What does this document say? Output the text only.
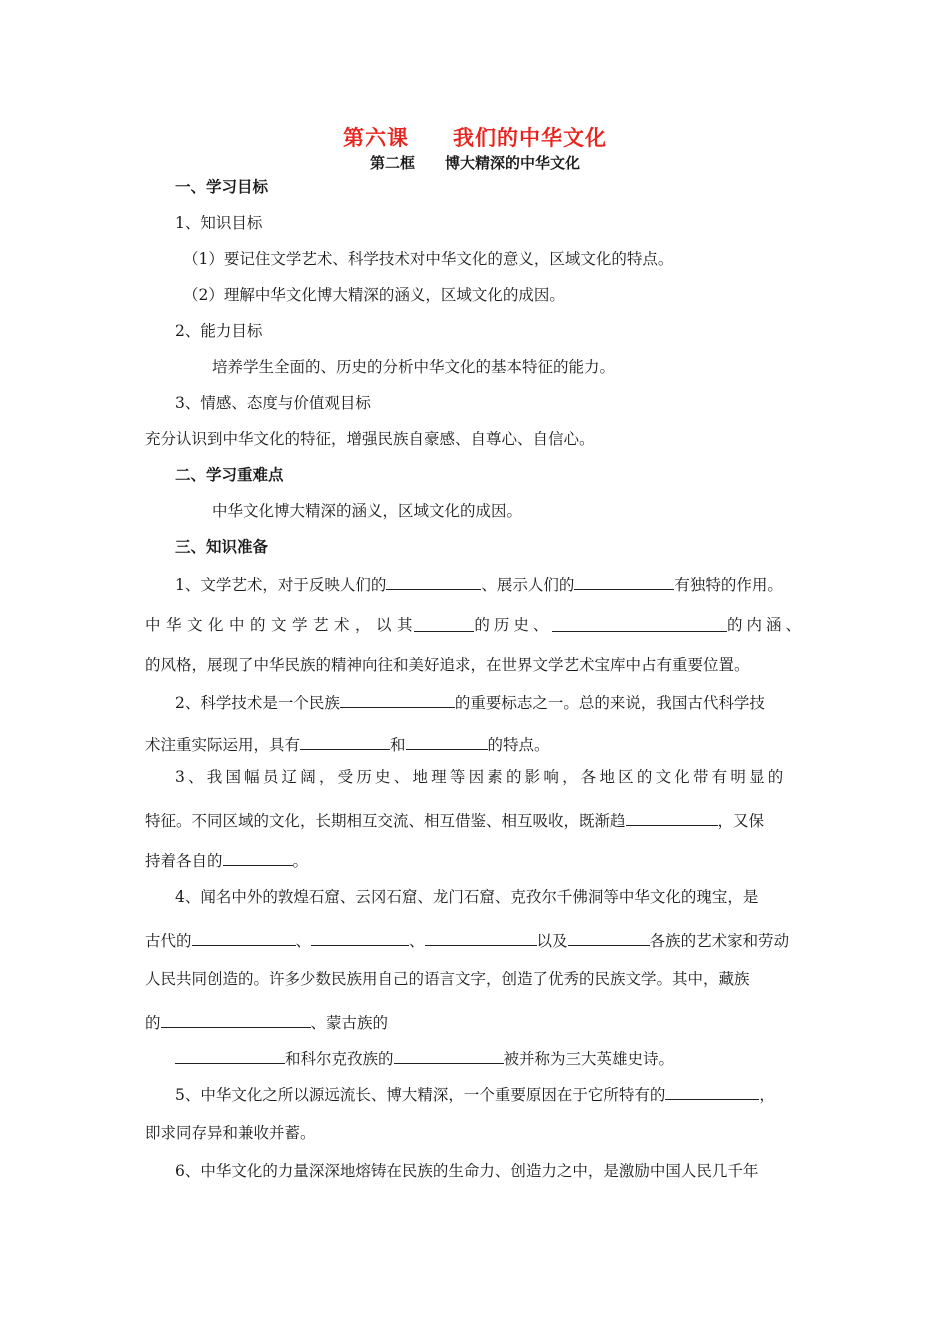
第六课　　我们的中华文化
第二框　　博大精深的中华文化
一、学习目标
1、知识目标
（1）要记住文学艺术、科学技术对中华文化的意义，区域文化的特点。
（2）理解中华文化博大精深的涵义，区域文化的成因。
2、能力目标
培养学生全面的、历史的分析中华文化的基本特征的能力。
3、情感、态度与价值观目标
充分认识到中华文化的特征，增强民族自豪感、自尊心、自信心。
二、学习重难点
中华文化博大精深的涵义，区域文化的成因。
三、知识准备
1、文学艺术，对于反映人们的	、展示人们的	有独特的作用。
中华文化中的文学艺术，以其	的历史、	的内涵、
的风格，展现了中华民族的精神向往和美好追求，在世界文学艺术宝库中占有重要位置。
2、科学技术是一个民族	的重要标志之一。总的来说，我国古代科学技
术注重实际运用，具有	和	的特点。
3、我国幅员辽阔，受历史、地理等因素的影响，各地区的文化带有明显的
特征。不同区域的文化，长期相互交流、相互借鉴、相互吸收，既渐趋	，又保
持着各自的	。
4、闻名中外的敦煌石窟、云冈石窟、龙门石窟、克孜尔千佛洞等中华文化的瑰宝，是
古代的	、	、	以及	各族的艺术家和劳动
人民共同创造的。许多少数民族用自己的语言文字，创造了优秀的民族文学。其中，藏族
的	、蒙古族的
和科尔克孜族的	被并称为三大英雄史诗。
5、中华文化之所以源远流长、博大精深，一个重要原因在于它所特有的	，
即求同存异和兼收并蓄。
6、中华文化的力量深深地熔铸在民族的生命力、创造力之中，是激励中国人民几千年
